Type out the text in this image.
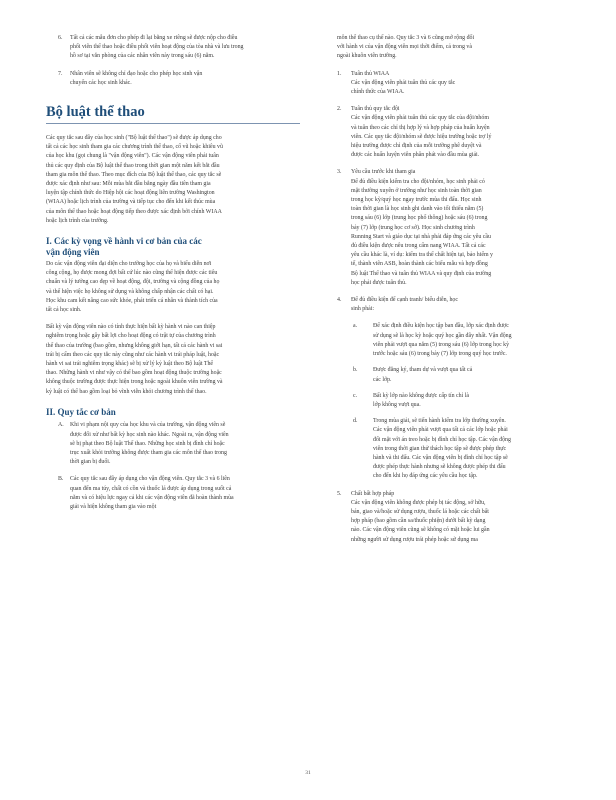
6. Tất cả các mẫu đơn cho phép đi lại bằng xe riêng sẽ được nộp cho điều phối viên thể thao hoặc điều phối viên hoạt động của tòa nhà và lưu trong hồ sơ tại văn phòng của các nhân viên này trong sáu (6) năm.

7. Nhân viên sẽ không chỉ đạo hoặc cho phép học sinh vận chuyển các học sinh khác.

Bộ luật thể thao

Các quy tắc sau đây của học sinh ("Bộ luật thể thao") sẽ được áp dụng cho tất cả các học sinh tham gia các chương trình thể thao, cổ vũ hoặc khiêu vũ của học khu (gọi chung là "vận động viên"). Các vận động viên phải tuân thủ các quy định của Bộ luật thể thao trong thời gian một năm kết bắt đầu tham gia môn thể thao. Theo mục đích của Bộ luật thể thao, các quy tắc sẽ được xác định như sau: Mỗi mùa bắt đầu bằng ngày đầu tiên tham gia luyện tập chính thức do Hiệp hội các hoạt động liên trường Washington (WIAA) hoặc lịch trình của trường và tiếp tục cho đến khi kết thúc mùa của môn thể thao hoặc hoạt động tiếp theo được xác định bởi chính WIAA hoặc lịch trình của trường.

I. Các kỳ vọng về hành vi cơ bản của các vận động viên

Do các vận động viên đại diện cho trường học của họ và biểu diễn nơi công cộng, họ được mong đợi bất cứ lúc nào cũng thể hiện được các tiêu chuẩn và lý tưởng cao đẹp về hoạt động, đội, trường và cộng đồng của họ và thể hiện việc họ không sử dụng và không chấp nhận các chất có hại. Học khu cam kết nâng cao sức khỏe, phát triển cá nhân và thành tích của tất cả học sinh.

Bất kỳ vận động viên nào có tính thực hiện bất kỳ hành vi nào can thiệp nghiêm trọng hoặc gây bất lợi cho hoạt động có trật tự của chương trình thể thao của trường (bao gồm, nhưng không giới hạn, tất cả các hành vi sai trái bị cấm theo các quy tắc này cũng như các hành vi trái pháp luật, hoặc hành vi sai trái nghiêm trọng khác) sẽ bị xử lý kỷ luật theo Bộ luật Thể thao. Những hành vi như vậy có thể bao gồm hoạt động thuộc trường hoặc không thuộc trường được thực hiện trong hoặc ngoài khuôn viên trường và kỷ luật có thể bao gồm loại bỏ vĩnh viễn khỏi chương trình thể thao.

II. Quy tắc cơ bản
A. Khi vi phạm nội quy của học khu và của trường, vận động viên sẽ được đối xử như bất kỳ học sinh nào khác. Ngoài ra, vận động viên sẽ bị phạt theo Bộ luật Thể thao. Những học sinh bị đình chỉ hoặc trục xuất khỏi trường không được tham gia các môn thể thao trong thời gian bị đuổi.

B. Các quy tắc sau đây áp dụng cho vận động viên. Quy tắc 3 và 6 liên quan đến ma túy, chất có cồn và thuốc lá được áp dụng trong suốt cả năm và có hiệu lực ngay cả khi các vận động viên đã hoàn thành mùa giải và hiện không tham gia vào một

môn thể thao cụ thể nào. Quy tắc 3 và 6 cũng mở rộng đối với hành vi của vận động viên mọi thời điểm, cả trong và ngoài khuôn viên trường.

1. Tuân thủ WIAA
Các vận động viên phải tuân thủ các quy tắc chính thức của WIAA.

2. Tuân thủ quy tắc đội
Các vận động viên phải tuân thủ các quy tắc của đội/nhóm và tuân theo các chỉ thị hợp lý và hợp pháp của huấn luyện viên. Các quy tắc đội/nhóm sẽ được hiệu trưởng hoặc trợ lý hiệu trưởng được chỉ định của mỗi trường phê duyệt và được các huấn luyện viên phân phát vào đầu mùa giải.

3. Yêu cầu trước khi tham gia
Để đủ điều kiện kiểm tra cho đội/nhóm, học sinh phải có mặt thường xuyên ở trường như học sinh toàn thời gian trong học kỳ/quý học ngay trước mùa thi đấu. Học sinh toàn thời gian là học sinh ghi danh vào tối thiểu năm (5) trong sáu (6) lớp (trung học phổ thông) hoặc sáu (6) trong bảy (7) lớp (trung học cơ sở). Học sinh chương trình Running Start và giáo dục tại nhà phải đáp ứng các yêu cầu đủ điều kiện được nêu trong cẩm nang WIAA. Tất cả các yêu cầu khác là, ví dụ: kiểm tra thể chất hiện tại, bảo hiểm y tế, thành viên ASB, hoàn thành các biểu mẫu và hợp đồng Bộ luật Thể thao và tuân thủ WIAA và quy định của trường học phải được tuân thủ.

4. Để đủ điều kiện để cạnh tranh/ biểu diễn, học sinh phải:

a.	Để xác định điều kiện học tập ban đầu, lớp xác định được sử dụng sẽ là học kỳ hoặc quý học gần đây nhất. Vận động viên phải vượt qua năm (5) trong sáu (6) lớp trong học kỳ trước hoặc sáu (6) trong bảy (7) lớp trong quý học trước.

b.	Được đăng ký, tham dự và vượt qua tất cả các lớp.

c.	Bất kỳ lớp nào không được cấp tín chỉ là lớp không vượt qua.

d.	Trong mùa giải, sẽ tiến hành kiểm tra lớp thường xuyên. Các vận động viên phải vượt qua tất cả các lớp hoặc phải đối mặt với án treo hoặc bị đình chỉ học tập. Các vận động viên trong thời gian thử thách học tập sẽ được phép thực hành và thi đấu. Các vận động viên bị đình chỉ học tập sẽ được phép thực hành nhưng sẽ không được phép thi đấu cho đến khi họ đáp ứng các yêu cầu học tập.

5. Chất bất hợp pháp
Các vận động viên không được phép bị tác động, sở hữu, bán, giao và/hoặc sử dụng rượu, thuốc lá hoặc các chất bất hợp pháp (bao gồm cần sa/thuốc phiện) dưới bất kỳ dạng nào. Các vận động viên cũng sẽ không có mặt hoặc lui gần những người sử dụng rượu trái phép hoặc sử dụng ma

31
